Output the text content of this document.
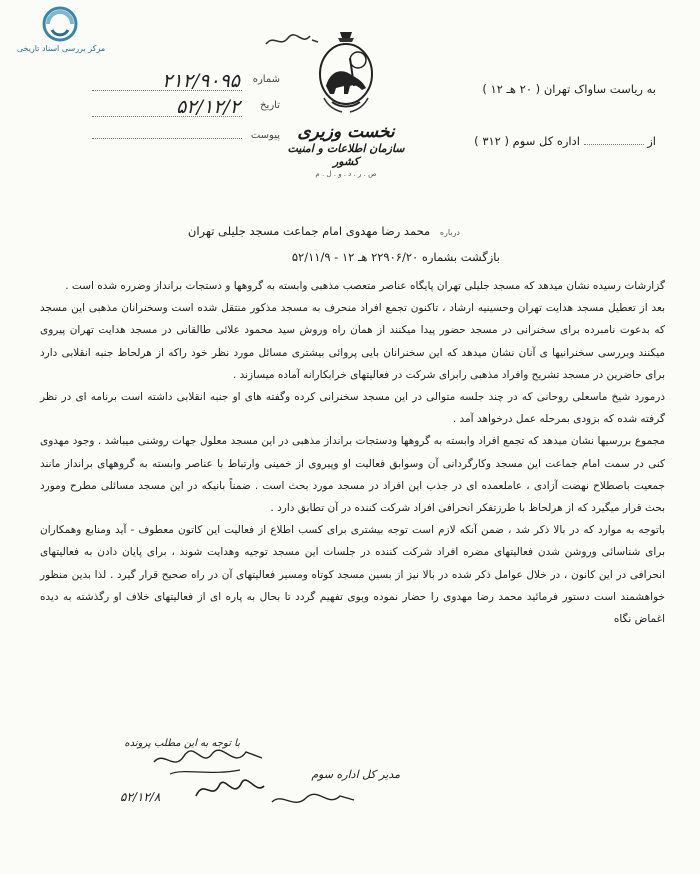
مرکز بررسی اسناد تاریخی
شماره
۲۱۲/۹۰۹۵
تاریخ
۵۲/۱۲/۲
پیوست	نخست وزیری
سازمان اطلاعات و امنیت کشور
ص . ر . د . و . ل . م
به ریاست ساواک تهران ( ۲۰ هـ ۱۲ )
از  اداره کل سوم ( ۳۱۲ )
درباره محمد رضا مهدوی امام جماعت مسجد جلیلی تهران
بازگشت بشماره ۲۲۹۰۶/۲۰ هـ ۱۲ - ۵۲/۱۱/۹

گزارشات رسیده نشان میدهد که مسجد جلیلی تهران پایگاه عناصر متعصب مذهبی وابسته به گروهها و دستجات برانداز وضرره شده است .

بعد از تعطیل مسجد هدایت تهران وحسینیه ارشاد ، تاکنون تجمع افراد منحرف به مسجد مذکور منتقل شده است وسخنرانان مذهبی این مسجد که بدعوت نامبرده برای سخنرانی در مسجد حضور پیدا میکنند از همان راه وروش سید محمود علائی طالقانی در مسجد هدایت تهران پیروی میکنند وبررسی سخنرانیها ی آنان نشان میدهد که این سخنرانان بایی پروائی بیشتری مسائل مورد نظر خود راکه از هرلحاظ جنبه انقلابی دارد برای حاضرین در مسجد تشریح وافراد مذهبی رابرای شرکت در فعالیتهای خرابکارانه آماده میسازند .

درمورد شیخ ماسعلی روحانی که در چند جلسه متوالی در این مسجد سخنرانی کرده وگفته های او جنبه انقلابی داشته است برنامه ای در نظر گرفته شده که بزودی بمرحله عمل درخواهد آمد .

مجموع بررسیها نشان میدهد که تجمع افراد وابسته به گروهها ودستجات برانداز مذهبی در این مسجد معلول جهات روشنی میباشد . وجود مهدوی کنی در سمت امام جماعت این مسجد وکارگردانی آن وسوابق فعالیت او وپیروی از خمینی وارتباط با عناصر وابسته به گروههای برانداز مانند جمعیت باصطلاح نهضت آزادی ، عاملعمده ای در جذب این افراد در مسجد مورد بحث است . ضمناً بانیکه در این مسجد مسائلی مطرح ومورد بحث قرار میگیرد که از هرلحاظ با طرزتفکر انحرافی افراد شرکت کننده در آن تطابق دارد .

باتوجه به موارد که در بالا ذکر شد ، ضمن آنکه لازم است توجه بیشتری برای کسب اطلاع از فعالیت این کاتون معطوف - آید ومنابع وهمکاران برای شناسائی وروشن شدن فعالیتهای مضره افراد شرکت کننده در جلسات این مسجد توجیه وهدایت شوند ، برای پایان دادن به فعالیتهای انحرافی در این کانون ، در خلال عوامل ذکر شده در بالا نیز از بسین مسجد کوتاه ومسیر فعالیتهای آن در راه صحیح قرار گیرد . لذا بدین منظور خواهشمند است دستور فرمائید محمد رضا مهدوی را حضار نموده وبوی تفهیم گردد تا بحال به پاره ای از فعالیتهای خلاف او رگذشته به دیده اغماض نگاه

با توجه به این مطلب پرونده
۵۲/۱۲/۸
مدیر کل اداره سوم
